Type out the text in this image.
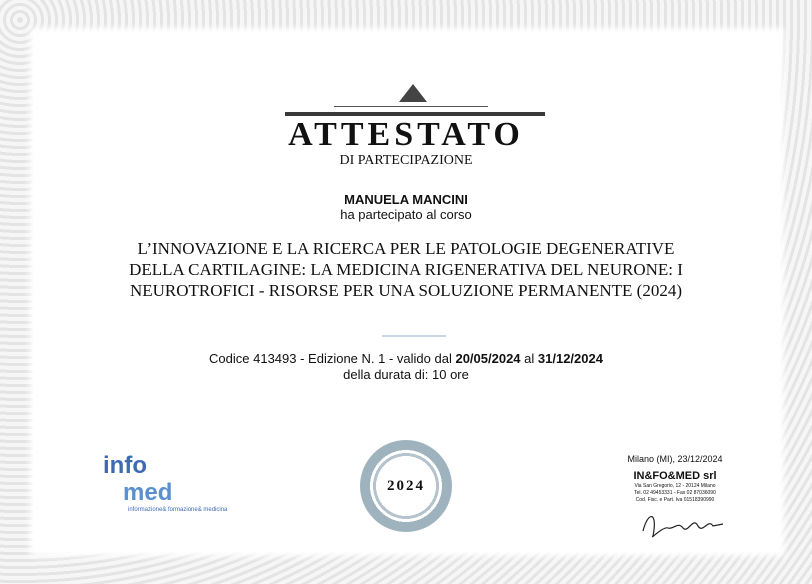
ATTESTATO
DI PARTECIPAZIONE
MANUELA MANCINI
ha partecipato al corso
L’INNOVAZIONE E LA RICERCA PER LE PATOLOGIE DEGENERATIVE
DELLA CARTILAGINE: LA MEDICINA RIGENERATIVA DEL NEURONE: I
NEUROTROFICI - RISORSE PER UNA SOLUZIONE PERMANENTE (2024)
Codice 413493 - Edizione N. 1 - valido dal 20/05/2024 al 31/12/2024
della durata di: 10 ore
info
med
informazione& formazione& medicina
2024
Milano (MI), 23/12/2024
IN&FO&MED srl
Via San Gregorio, 12 - 20124 Milano
Tel. 02 49453331 - Fax 02 87036090
Cod. Fisc. e Part. Iva 01518390990
